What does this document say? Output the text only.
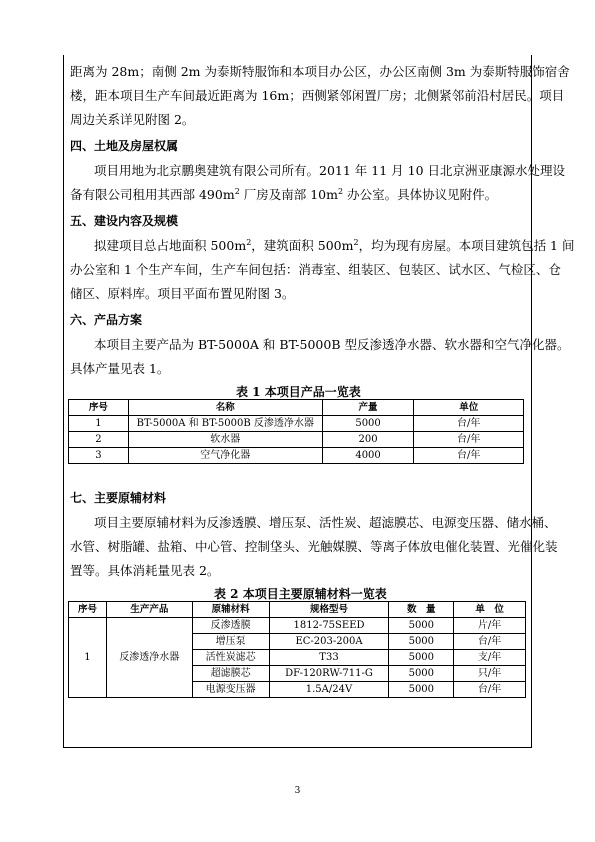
距离为 28m；南侧 2m 为泰斯特服饰和本项目办公区，办公区南侧 3m 为泰斯特服饰宿舍
楼，距本项目生产车间最近距离为 16m；西侧紧邻闲置厂房；北侧紧邻前沿村居民。项目
周边关系详见附图 2。
四、土地及房屋权属
项目用地为北京鹏奥建筑有限公司所有。2011 年 11 月 10 日北京洲亚康源水处理设
备有限公司租用其西部 $490m^2$ 厂房及南部 $10m^2$ 办公室。具体协议见附件。
五、建设内容及规模
拟建项目总占地面积 $500m^2$，建筑面积 $500m^2$，均为现有房屋。本项目建筑包括 1 间
办公室和 1 个生产车间，生产车间包括：消毒室、组装区、包装区、试水区、气检区、仓
储区、原料库。项目平面布置见附图 3。
六、产品方案
本项目主要产品为 BT-5000A 和 BT-5000B 型反渗透净水器、软水器和空气净化器。
具体产量见表 1。
表 1 本项目产品一览表
序号	名称	产量	单位
1	BT-5000A 和 BT-5000B 反渗透净水器	5000	台/年
2	软水器	200	台/年
3	空气净化器	4000	台/年
七、主要原辅材料
项目主要原辅材料为反渗透膜、增压泵、活性炭、超滤膜芯、电源变压器、储水桶、
水管、树脂罐、盐箱、中心管、控制垡头、光触媒膜、等离子体放电催化装置、光催化装
置等。具体消耗量见表 2。
表 2 本项目主要原辅材料一览表
序号	生产产品	原辅材料	规格型号	数　量	单　位
1	反渗透净水器	反渗透膜	1812-75SEED	5000	片/年
		增压泵	EC-203-200A	5000	台/年
		活性炭滤芯	T33	5000	支/年
		超滤膜芯	DF-120RW-711-G	5000	只/年
		电源变压器	1.5A/24V	5000	台/年
3
